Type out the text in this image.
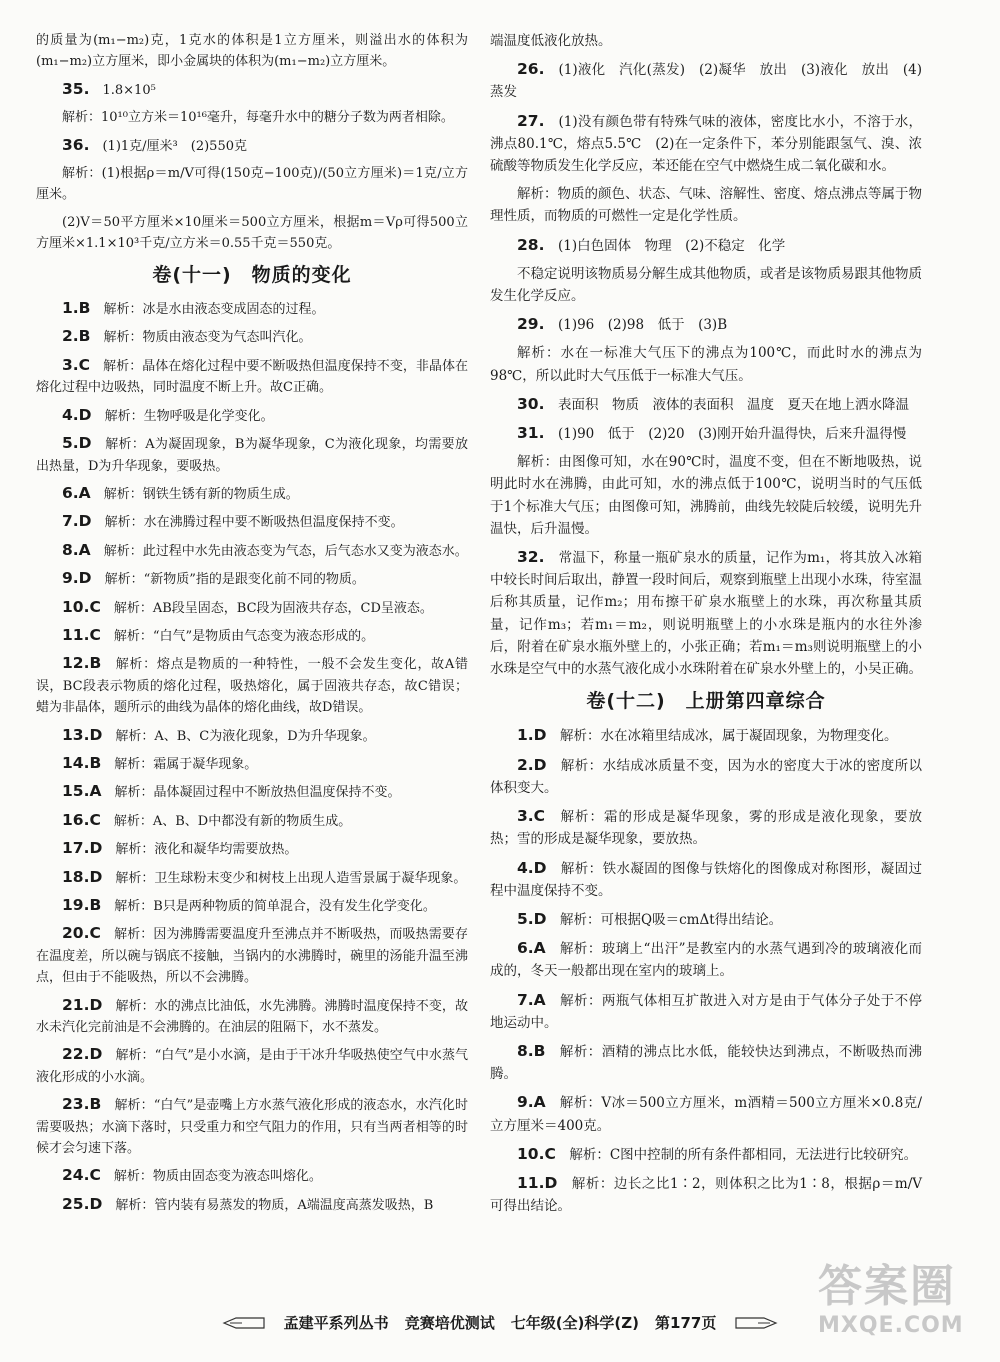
的质量为(m₁−m₂)克，1克水的体积是1立方厘米，则溢出水的体积为(m₁−m₂)立方厘米，即小金属块的体积为(m₁−m₂)立方厘米。

35.　 1.8×10⁵

解析：10¹⁰立方米＝10¹⁶毫升，每毫升水中的糖分子数为两者相除。

36.　 (1)1克/厘米³　(2)550克

解析：(1)根据ρ＝m/V可得(150克−100克)/(50立方厘米)＝1克/立方厘米。

(2)V＝50平方厘米×10厘米＝500立方厘米，根据m＝Vρ可得500立方厘米×1.1×10³千克/立方米＝0.55千克＝550克。

卷(十一)　物质的变化

1.B　 解析：冰是水由液态变成固态的过程。

2.B　 解析：物质由液态变为气态叫汽化。

3.C　 解析：晶体在熔化过程中要不断吸热但温度保持不变，非晶体在熔化过程中边吸热，同时温度不断上升。故C正确。

4.D　 解析：生物呼吸是化学变化。

5.D　 解析：A为凝固现象，B为凝华现象，C为液化现象，均需要放出热量，D为升华现象，要吸热。

6.A　 解析：钢铁生锈有新的物质生成。

7.D　 解析：水在沸腾过程中要不断吸热但温度保持不变。

8.A　 解析：此过程中水先由液态变为气态，后气态水又变为液态水。

9.D　 解析：“新物质”指的是跟变化前不同的物质。

10.C　 解析：AB段呈固态，BC段为固液共存态，CD呈液态。

11.C　 解析：“白气”是物质由气态变为液态形成的。

12.B　 解析：熔点是物质的一种特性，一般不会发生变化，故A错误，BC段表示物质的熔化过程，吸热熔化，属于固液共存态，故C错误；蜡为非晶体，题所示的曲线为晶体的熔化曲线，故D错误。

13.D　 解析：A、B、C为液化现象，D为升华现象。

14.B　 解析：霜属于凝华现象。

15.A　 解析：晶体凝固过程中不断放热但温度保持不变。

16.C　 解析：A、B、D中都没有新的物质生成。

17.D　 解析：液化和凝华均需要放热。

18.D　 解析：卫生球粉末变少和树枝上出现人造雪景属于凝华现象。

19.B　 解析：B只是两种物质的简单混合，没有发生化学变化。

20.C　 解析：因为沸腾需要温度升至沸点并不断吸热，而吸热需要存在温度差，所以碗与锅底不接触，当锅内的水沸腾时，碗里的汤能升温至沸点，但由于不能吸热，所以不会沸腾。

21.D　 解析：水的沸点比油低，水先沸腾。沸腾时温度保持不变，故水未汽化完前油是不会沸腾的。在油层的阻隔下，水不蒸发。

22.D　 解析：“白气”是小水滴，是由于干冰升华吸热使空气中水蒸气液化形成的小水滴。

23.B　 解析：“白气”是壶嘴上方水蒸气液化形成的液态水，水汽化时需要吸热；水滴下落时，只受重力和空气阻力的作用，只有当两者相等的时候才会匀速下落。

24.C　 解析：物质由固态变为液态叫熔化。

25.D　 解析：管内装有易蒸发的物质，A端温度高蒸发吸热，B

端温度低液化放热。

26.　 (1)液化　汽化(蒸发)　(2)凝华　放出　(3)液化　放出　(4)蒸发

27.　 (1)没有颜色带有特殊气味的液体，密度比水小，不溶于水，沸点80.1℃，熔点5.5℃　(2)在一定条件下，苯分别能跟氢气、溴、浓硫酸等物质发生化学反应，苯还能在空气中燃烧生成二氧化碳和水。

解析：物质的颜色、状态、气味、溶解性、密度、熔点沸点等属于物理性质，而物质的可燃性一定是化学性质。

28.　 (1)白色固体　物理　(2)不稳定　化学

不稳定说明该物质易分解生成其他物质，或者是该物质易跟其他物质发生化学反应。

29.　 (1)96　(2)98　低于　(3)B

解析：水在一标准大气压下的沸点为100℃，而此时水的沸点为98℃，所以此时大气压低于一标准大气压。

30.　 表面积　物质　液体的表面积　温度　夏天在地上洒水降温

31.　 (1)90　低于　(2)20　(3)刚开始升温得快，后来升温得慢

解析：由图像可知，水在90℃时，温度不变，但在不断地吸热，说明此时水在沸腾，由此可知，水的沸点低于100℃，说明当时的气压低于1个标准大气压；由图像可知，沸腾前，曲线先较陡后较缓，说明先升温快，后升温慢。

32.　 常温下，称量一瓶矿泉水的质量，记作为m₁，将其放入冰箱中较长时间后取出，静置一段时间后，观察到瓶壁上出现小水珠，待室温后称其质量，记作m₂；用布擦干矿泉水瓶壁上的水珠，再次称量其质量，记作m₃；若m₁＝m₂，则说明瓶壁上的小水珠是瓶内的水往外渗后，附着在矿泉水瓶外壁上的，小张正确；若m₁＝m₃则说明瓶壁上的小水珠是空气中的水蒸气液化成小水珠附着在矿泉水外壁上的，小吴正确。

卷(十二)　上册第四章综合

1.D　 解析：水在冰箱里结成冰，属于凝固现象，为物理变化。

2.D　 解析：水结成冰质量不变，因为水的密度大于冰的密度所以体积变大。

3.C　 解析：霜的形成是凝华现象，雾的形成是液化现象，要放热；雪的形成是凝华现象，要放热。

4.D　 解析：铁水凝固的图像与铁熔化的图像成对称图形，凝固过程中温度保持不变。

5.D　 解析：可根据Q吸＝cmΔt得出结论。

6.A　 解析：玻璃上“出汗”是教室内的水蒸气遇到冷的玻璃液化而成的，冬天一般都出现在室内的玻璃上。

7.A　 解析：两瓶气体相互扩散进入对方是由于气体分子处于不停地运动中。

8.B　 解析：酒精的沸点比水低，能较快达到沸点，不断吸热而沸腾。

9.A　 解析：V冰＝500立方厘米，m酒精＝500立方厘米×0.8克/立方厘米＝400克。

10.C　 解析：C图中控制的所有条件都相同，无法进行比较研究。

11.D　 解析：边长之比1∶2，则体积之比为1∶8，根据ρ＝m/V可得出结论。

孟建平系列丛书 竞赛培优测试 七年级(全)科学(Z) 第177页
答案圈
MXQE.COM
